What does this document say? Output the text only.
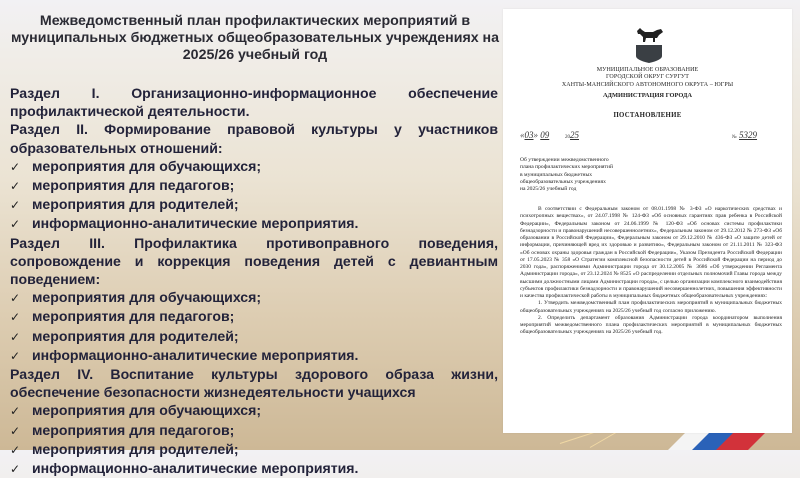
Межведомственный план профилактических мероприятий в
муниципальных бюджетных общеобразовательных учреждениях на
2025/26 учебный год

Раздел I. Организационно-информационное обеспечение профилактической деятельности.

Раздел II. Формирование правовой культуры у участников образовательных отношений:

✓ мероприятия для обучающихся;
✓ мероприятия для педагогов;
✓ мероприятия для родителей;
✓ информационно-аналитические мероприятия.

Раздел III. Профилактика противоправного поведения, сопровождение и коррекция поведения детей с девиантным поведением:

✓ мероприятия для обучающихся;
✓ мероприятия для педагогов;
✓ мероприятия для родителей;
✓ информационно-аналитические мероприятия.

Раздел IV. Воспитание культуры здорового образа жизни, обеспечение безопасности жизнедеятельности учащихся

✓ мероприятия для обучающихся;
✓ мероприятия для педагогов;
✓ мероприятия для родителей;
✓ информационно-аналитические мероприятия.
МУНИЦИПАЛЬНОЕ ОБРАЗОВАНИЕ
ГОРОДСКОЙ ОКРУГ СУРГУТ
ХАНТЫ-МАНСИЙСКОГО АВТОНОМНОГО ОКРУГА – ЮГРЫ
АДМИНИСТРАЦИЯ ГОРОДА
ПОСТАНОВЛЕНИЕ
«03» 09	2025	№ 5329
Об утверждении межведомственного
плана профилактических мероприятий
в муниципальных бюджетных
общеобразовательных учреждениях
на 2025/26 учебный год

В соответствии с Федеральным законом от 08.01.1998 № 3-ФЗ «О наркотических средствах и психотропных веществах», от 24.07.1998 № 124-ФЗ «Об основных гарантиях прав ребенка в Российской Федерации», Федеральным законом от 24.06.1999 № 120-ФЗ «Об основах системы профилактики безнадзорности и правонарушений несовершеннолетних», Федеральным законом от 29.12.2012 № 273-ФЗ «Об образовании в Российской Федерации», Федеральным законом от 29.12.2010 № 436-ФЗ «О защите детей от информации, причиняющей вред их здоровью и развитию», Федеральным законом от 21.11.2011 № 323-ФЗ «Об основах охраны здоровья граждан в Российской Федерации», Указом Президента Российской Федерации от 17.05.2023 № 358 «О Стратегии комплексной безопасности детей в Российской Федерации на период до 2030 года», распоряжениями Администрации города от 30.12.2005 № 3686 «Об утверждении Регламента Администрации города», от 23.12.2024 № 8525 «О распределении отдельных полномочий Главы города между высшими должностными лицами Администрации города», с целью организации комплексного взаимодействия субъектов профилактики безнадзорности и правонарушений несовершеннолетних, повышения эффективности и качества профилактической работы в муниципальных бюджетных общеобразовательных учреждениях:

1. Утвердить межведомственный план профилактических мероприятий в муниципальных бюджетных общеобразовательных учреждениях на 2025/26 учебный год согласно приложению.

2. Определить департамент образования Администрации города координатором выполнения мероприятий межведомственного плана профилактических мероприятий в муниципальных бюджетных общеобразовательных учреждениях на 2025/26 учебный год.
